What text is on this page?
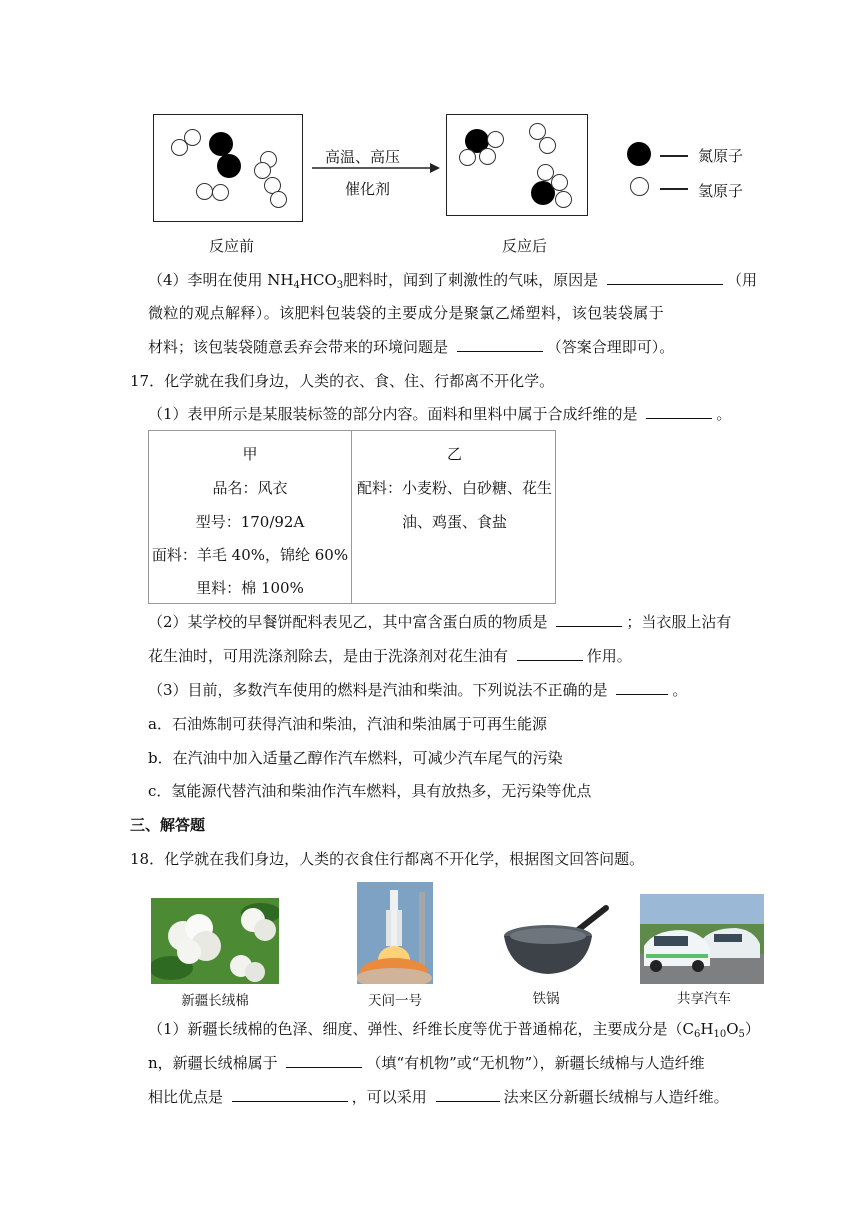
高温、高压
催化剂
氮原子
氢原子
反应前	反应后
（4）李明在使用 $NH_4HCO_3$肥料时，闻到了刺激性的气味，原因是	（用
微粒的观点解释）。该肥料包装袋的主要成分是聚氯乙烯塑料，该包装袋属于
材料；该包装袋随意丢弃会带来的环境问题是	（答案合理即可）。
17．化学就在我们身边，人类的衣、食、住、行都离不开化学。
（1）表甲所示是某服装标签的部分内容。面料和里料中属于合成纤维的是	。
甲
品名：风衣
型号：170/92A
面料：羊毛 40%，锦纶 60%
里料：棉 100%
乙
配料：小麦粉、白砂糖、花生
油、鸡蛋、食盐
（2）某学校的早餐饼配料表见乙，其中富含蛋白质的物质是	；当衣服上沾有
花生油时，可用洗涤剂除去，是由于洗涤剂对花生油有	作用。
（3）目前，多数汽车使用的燃料是汽油和柴油。下列说法不正确的是	。
a．石油炼制可获得汽油和柴油，汽油和柴油属于可再生能源
b．在汽油中加入适量乙醇作汽车燃料，可减少汽车尾气的污染
c．氢能源代替汽油和柴油作汽车燃料，具有放热多，无污染等优点
三、解答题
18．化学就在我们身边，人类的衣食住行都离不开化学，根据图文回答问题。
新疆长绒棉	天问一号	铁锅	共享汽车
（1）新疆长绒棉的色泽、细度、弹性、纤维长度等优于普通棉花，主要成分是$(C_6H_{10}O_5)$
n，新疆长绒棉属于	（填“有机物”或“无机物”），新疆长绒棉与人造纤维
相比优点是	，可以采用	法来区分新疆长绒棉与人造纤维。
